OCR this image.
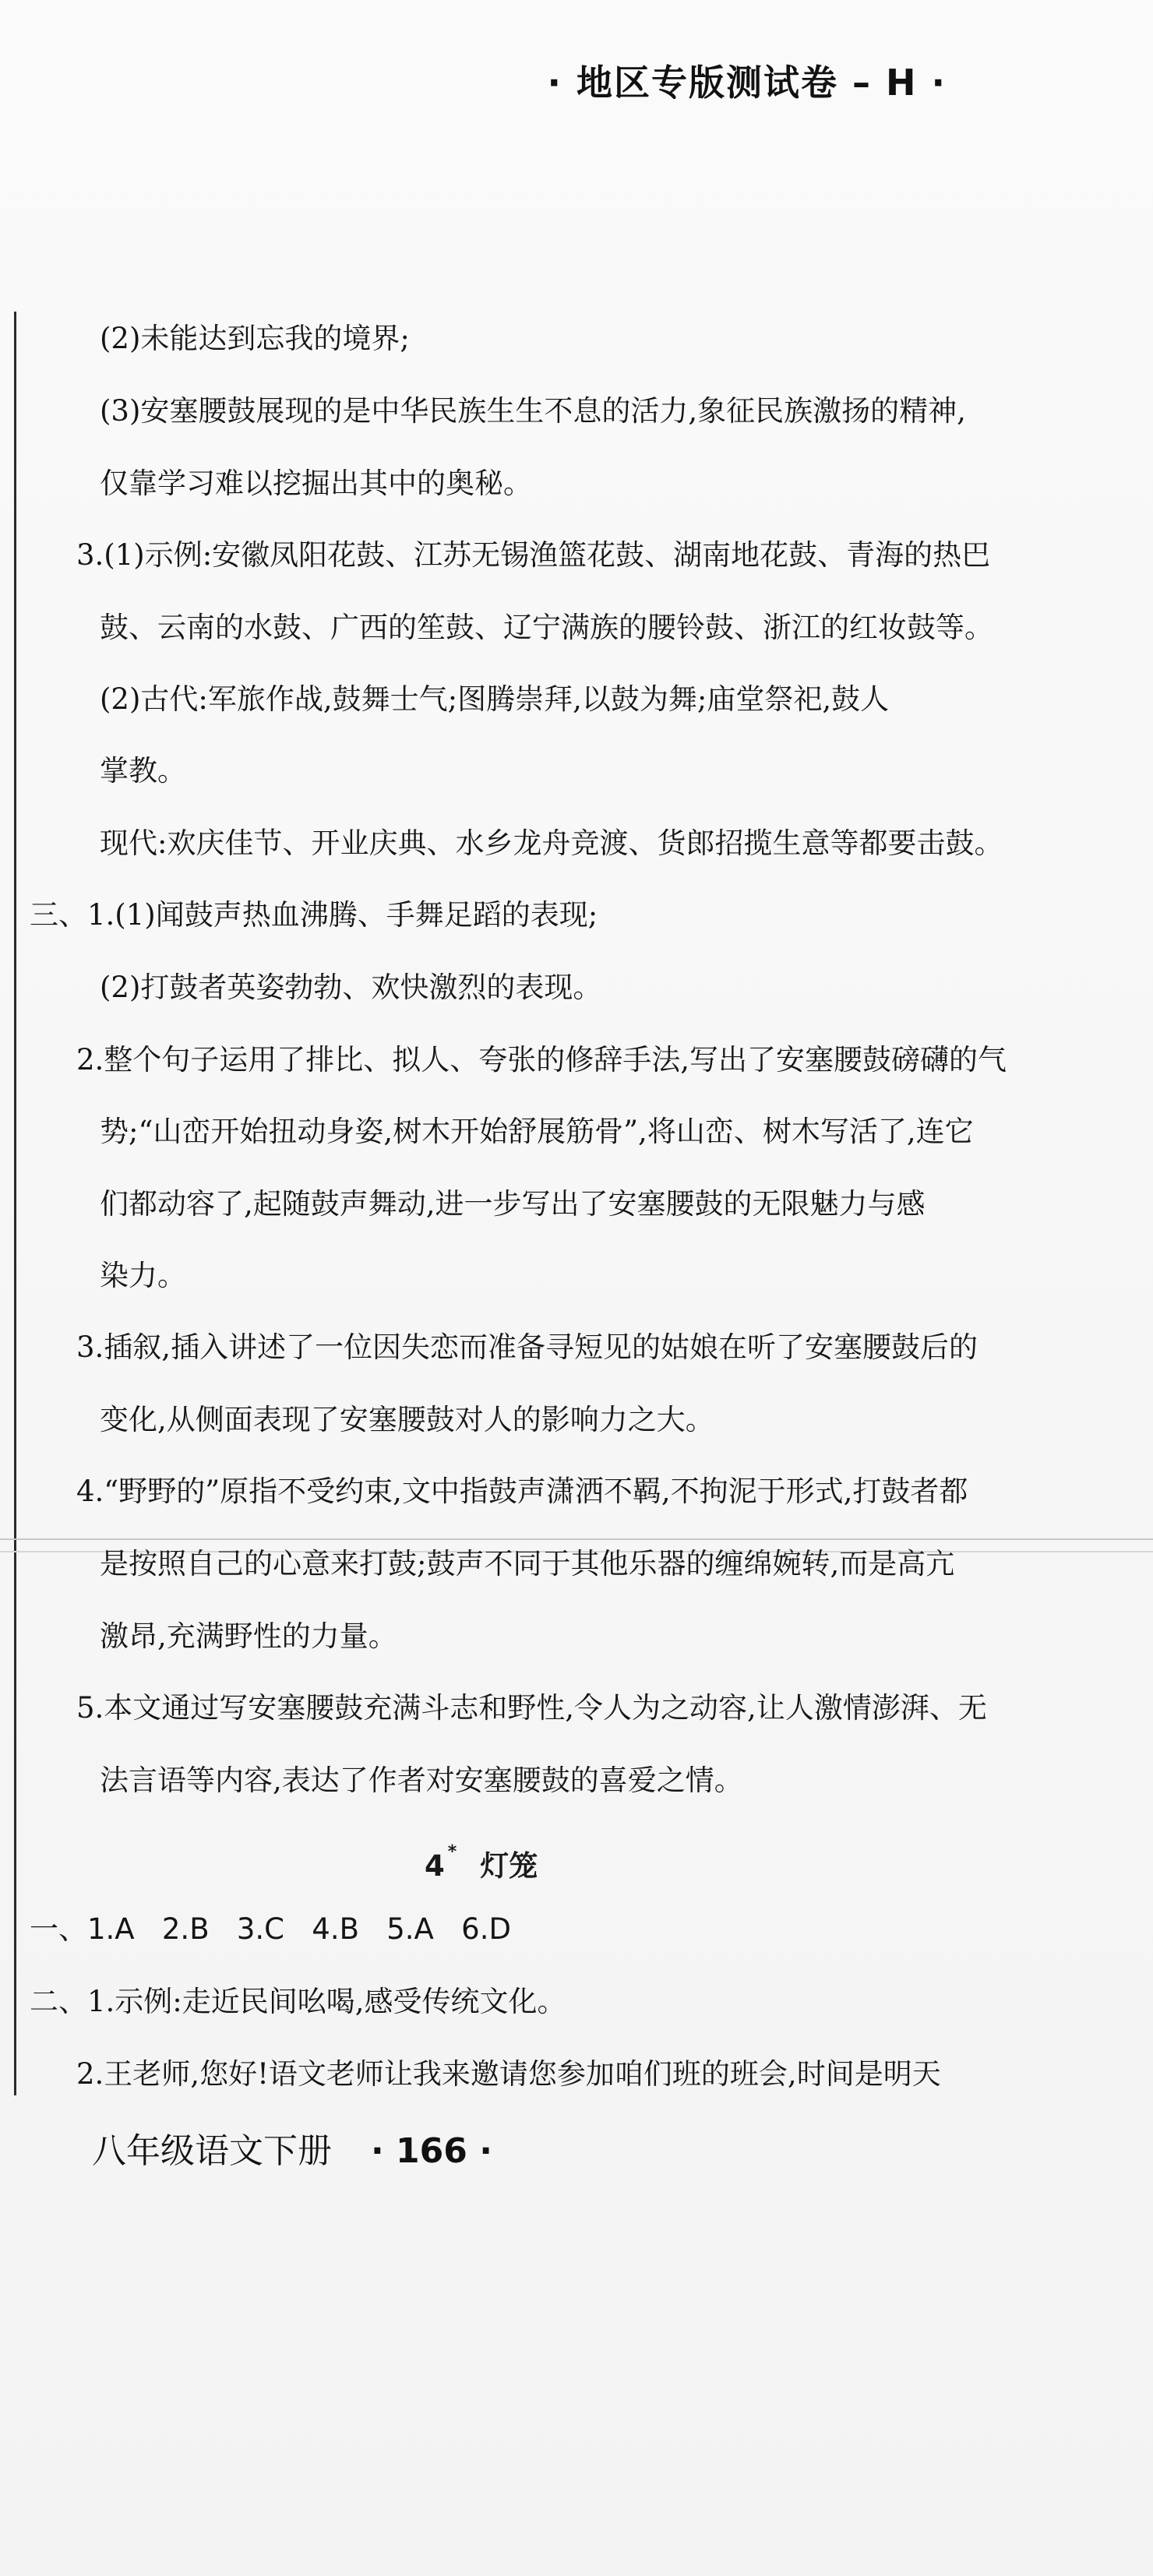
· 地区专版测试卷 – H ·
(2)未能达到忘我的境界;
(3)安塞腰鼓展现的是中华民族生生不息的活力,象征民族激扬的精神,
仅靠学习难以挖掘出其中的奥秘。
3.(1)示例:安徽凤阳花鼓、江苏无锡渔篮花鼓、湖南地花鼓、青海的热巴
鼓、云南的水鼓、广西的笙鼓、辽宁满族的腰铃鼓、浙江的红妆鼓等。
(2)古代:军旅作战,鼓舞士气;图腾崇拜,以鼓为舞;庙堂祭祀,鼓人
掌教。
现代:欢庆佳节、开业庆典、水乡龙舟竞渡、货郎招揽生意等都要击鼓。
三、1.(1)闻鼓声热血沸腾、手舞足蹈的表现;
(2)打鼓者英姿勃勃、欢快激烈的表现。
2.整个句子运用了排比、拟人、夸张的修辞手法,写出了安塞腰鼓磅礴的气
势;“山峦开始扭动身姿,树木开始舒展筋骨”,将山峦、树木写活了,连它
们都动容了,起随鼓声舞动,进一步写出了安塞腰鼓的无限魅力与感
染力。
3.插叙,插入讲述了一位因失恋而准备寻短见的姑娘在听了安塞腰鼓后的
变化,从侧面表现了安塞腰鼓对人的影响力之大。
4.“野野的”原指不受约束,文中指鼓声潇洒不羁,不拘泥于形式,打鼓者都
是按照自己的心意来打鼓;鼓声不同于其他乐器的缠绵婉转,而是高亢
激昂,充满野性的力量。
5.本文通过写安塞腰鼓充满斗志和野性,令人为之动容,让人激情澎湃、无
法言语等内容,表达了作者对安塞腰鼓的喜爱之情。
4 * 灯笼
一、1.A   2.B   3.C   4.B   5.A   6.D
二、1.示例:走近民间吆喝,感受传统文化。
2.王老师,您好!语文老师让我来邀请您参加咱们班的班会,时间是明天
八年级语文下册 · 166 ·
